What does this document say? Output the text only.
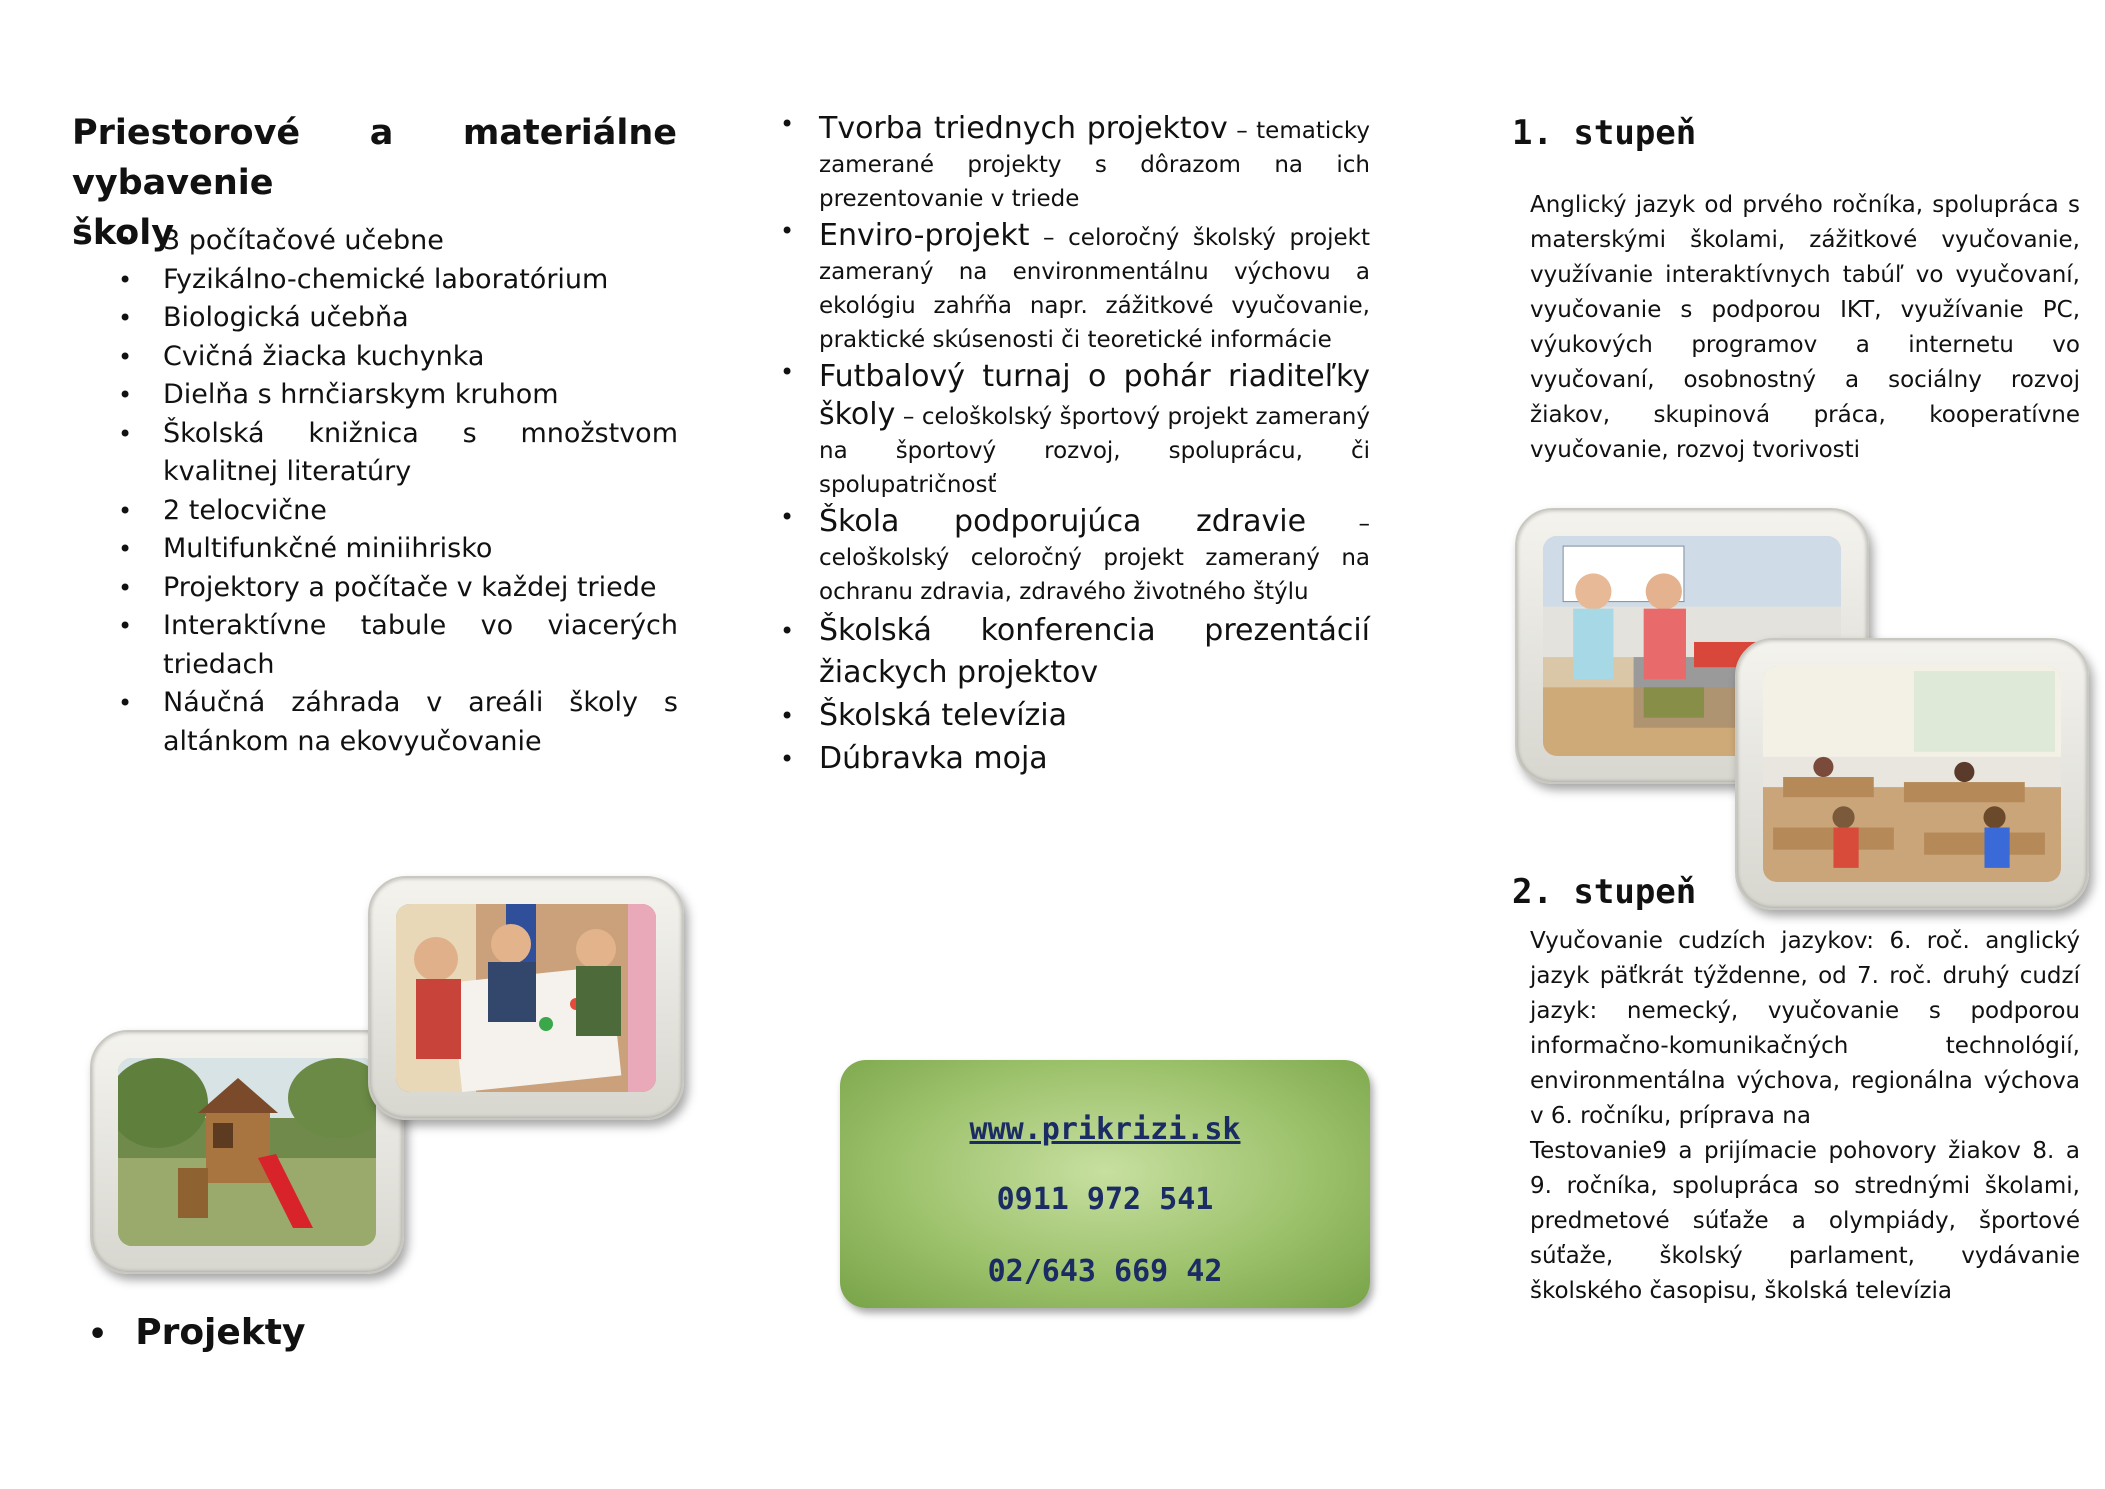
Priestorové a materiálne vybavenie
školy
• 3 počítačové učebne
• Fyzikálno-chemické laboratórium
• Biologická učebňa
• Cvičná žiacka kuchynka
• Dielňa s hrnčiarskym kruhom
• Školská knižnica s množstvom kvalitnej literatúry
• 2 telocvične
• Multifunkčné miniihrisko
• Projektory a počítače v každej triede
• Interaktívne tabule vo viacerých triedach
• Náučná záhrada v areáli školy s altánkom na ekovyučovanie
• Projekty
• Tvorba triednych projektov – tematicky zamerané projekty s dôrazom na ich prezentovanie v triede
• Enviro-projekt – celoročný školský projekt zameraný na environmentálnu výchovu a ekológiu zahŕňa napr. zážitkové vyučovanie, praktické skúsenosti či teoretické informácie
• Futbalový turnaj o pohár riaditeľky školy – celoškolský športový projekt zameraný na športový rozvoj, spoluprácu, či spolupatričnosť
• Škola podporujúca zdravie – celoškolský celoročný projekt zameraný na ochranu zdravia, zdravého životného štýlu
• Školská konferencia prezentácií žiackych projektov
• Školská televízia
• Dúbravka moja
www.prikrizi.sk
0911 972 541
02/643 669 42
1. stupeň
Anglický jazyk od prvého ročníka, spolupráca s materskými školami, zážitkové vyučovanie, využívanie interaktívnych tabúľ vo vyučovaní, vyučovanie s podporou IKT, využívanie PC, výukových programov a internetu vo vyučovaní, osobnostný a sociálny rozvoj žiakov, skupinová práca, kooperatívne vyučovanie, rozvoj tvorivosti
2. stupeň
Vyučovanie cudzích jazykov: 6. roč. anglický jazyk päťkrát týždenne, od 7. roč. druhý cudzí jazyk: nemecký, vyučovanie s podporou informačno-komunikačných technológií, environmentálna výchova, regionálna výchova v 6. ročníku, príprava na
Testovanie9 a prijímacie pohovory žiakov 8. a 9. ročníka, spolupráca so strednými školami, predmetové súťaže a olympiády, športové súťaže, školský parlament, vydávanie školského časopisu, školská televízia
